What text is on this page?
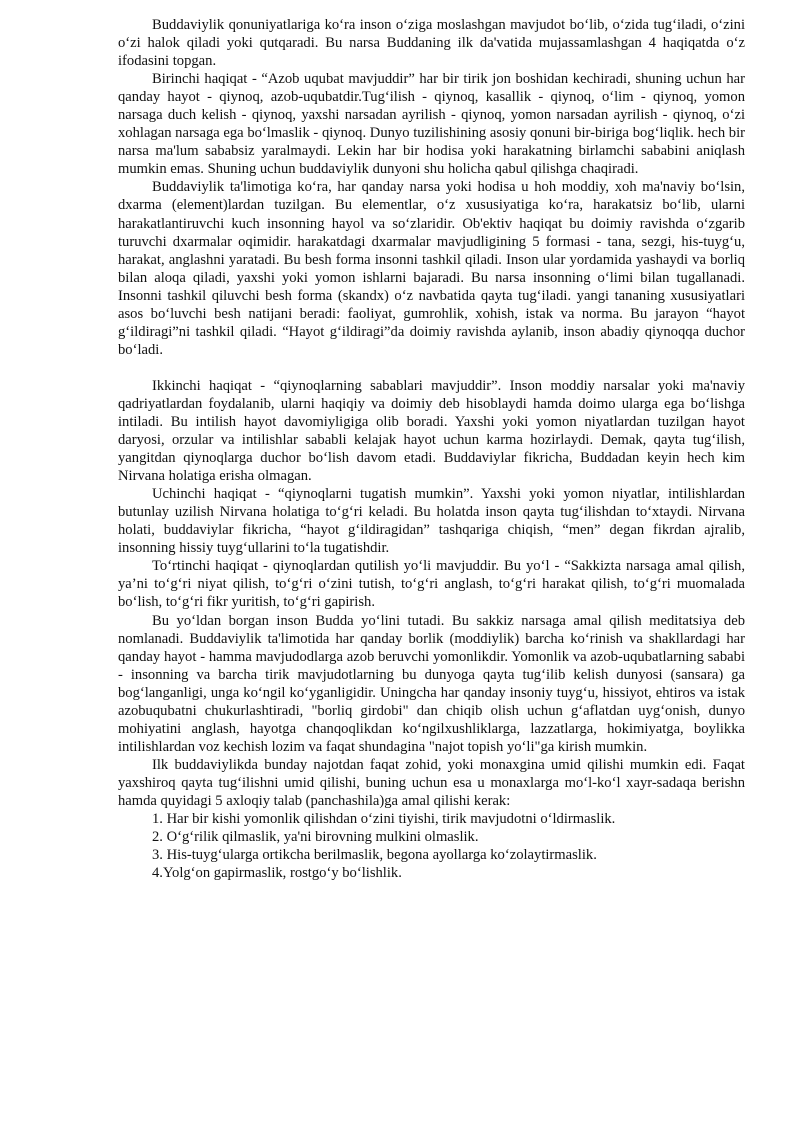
Buddaviylik qonuniyatlariga ko‘ra inson o‘ziga moslashgan mavjudot bo‘lib, o‘zida tug‘iladi, o‘zini o‘zi halok qiladi yoki qutqaradi. Bu narsa Buddaning ilk da'vatida mujassamlashgan 4 haqiqatda o‘z ifodasini topgan.

Birinchi haqiqat - “Azob uqubat mavjuddir” har bir tirik jon boshidan kechiradi, shuning uchun har qanday hayot - qiynoq, azob-uqubatdir.Tug‘ilish - qiynoq, kasallik - qiynoq, o‘lim - qiynoq, yomon narsaga duch kelish - qiynoq, yaxshi narsadan ayrilish - qiynoq, yomon narsadan ayrilish - qiynoq, o‘zi xohlagan narsaga ega bo‘lmaslik - qiynoq. Dunyo tuzilishining asosiy qonuni bir-biriga bog‘liqlik. hech bir narsa ma'lum sababsiz yaralmaydi. Lekin har bir hodisa yoki harakatning birlamchi sababini aniqlash mumkin emas. Shuning uchun buddaviylik dunyoni shu holicha qabul qilishga chaqiradi.

Buddaviylik ta'limotiga ko‘ra, har qanday narsa yoki hodisa u hoh moddiy, xoh ma'naviy bo‘lsin, dxarma (element)lardan tuzilgan. Bu elementlar, o‘z xususiyatiga ko‘ra, harakatsiz bo‘lib, ularni harakatlantiruvchi kuch insonning hayol va so‘zlaridir. Ob'ektiv haqiqat bu doimiy ravishda o‘zgarib turuvchi dxarmalar oqimidir. harakatdagi dxarmalar mavjudligining 5 formasi - tana, sezgi, his-tuyg‘u, harakat, anglashni yaratadi. Bu besh forma insonni tashkil qiladi. Inson ular yordamida yashaydi va borliq bilan aloqa qiladi, yaxshi yoki yomon ishlarni bajaradi. Bu narsa insonning o‘limi bilan tugallanadi. Insonni tashkil qiluvchi besh forma (skandx) o‘z navbatida qayta tug‘iladi. yangi tananing xususiyatlari asos bo‘luvchi besh natijani beradi: faoliyat, gumrohlik, xohish, istak va norma. Bu jarayon “hayot g‘ildiragi”ni tashkil qiladi. “Hayot g‘ildiragi”da doimiy ravishda aylanib, inson abadiy qiynoqqa duchor bo‘ladi.

Ikkinchi haqiqat - “qiynoqlarning sabablari mavjuddir”. Inson moddiy narsalar yoki ma'naviy qadriyatlardan foydalanib, ularni haqiqiy va doimiy deb hisoblaydi hamda doimo ularga ega bo‘lishga intiladi. Bu intilish hayot davomiyligiga olib boradi. Yaxshi yoki yomon niyatlardan tuzilgan hayot daryosi, orzular va intilishlar sababli kelajak hayot uchun karma hozirlaydi. Demak, qayta tug‘ilish, yangitdan qiynoqlarga duchor bo‘lish davom etadi. Buddaviylar fikricha, Buddadan keyin hech kim Nirvana holatiga erisha olmagan.

Uchinchi haqiqat - “qiynoqlarni tugatish mumkin”. Yaxshi yoki yomon niyatlar, intilishlardan butunlay uzilish Nirvana holatiga to‘g‘ri keladi. Bu holatda inson qayta tug‘ilishdan to‘xtaydi. Nirvana holati, buddaviylar fikricha, “hayot g‘ildiragidan” tashqariga chiqish, “men” degan fikrdan ajralib, insonning hissiy tuyg‘ullarini to‘la tugatishdir.

To‘rtinchi haqiqat - qiynoqlardan qutilish yo‘li mavjuddir. Bu yo‘l - “Sakkizta narsaga amal qilish, ya’ni to‘g‘ri niyat qilish, to‘g‘ri o‘zini tutish, to‘g‘ri anglash, to‘g‘ri harakat qilish, to‘g‘ri muomalada bo‘lish, to‘g‘ri fikr yuritish, to‘g‘ri gapirish.

Bu yo‘ldan borgan inson Budda yo‘lini tutadi. Bu sakkiz narsaga amal qilish meditatsiya deb nomlanadi. Buddaviylik ta'limotida har qanday borlik (moddiylik) barcha ko‘rinish va shakllardagi har qanday hayot - hamma mavjudodlarga azob beruvchi yomonlikdir. Yomonlik va azob-uqubatlarning sababi - insonning va barcha tirik mavjudotlarning bu dunyoga qayta tug‘ilib kelish dunyosi (sansara) ga bog‘langanligi, unga ko‘ngil ko‘yganligidir. Uningcha har qanday insoniy tuyg‘u, hissiyot, ehtiros va istak azobuqubatni chukurlashtiradi, "borliq girdobi" dan chiqib olish uchun g‘aflatdan uyg‘onish, dunyo mohiyatini anglash, hayotga chanqoqlikdan ko‘ngilxushliklarga, lazzatlarga, hokimiyatga, boylikka intilishlardan voz kechish lozim va faqat shundagina "najot topish yo‘li"ga kirish mumkin.

Ilk buddaviylikda bunday najotdan faqat zohid, yoki monaxgina umid qilishi mumkin edi. Faqat yaxshiroq qayta tug‘ilishni umid qilishi, buning uchun esa u monaxlarga mo‘l-ko‘l xayr-sadaqa berishn hamda quyidagi 5 axloqiy talab (panchashila)ga amal qilishi kerak:

1. Har bir kishi yomonlik qilishdan o‘zini tiyishi, tirik mavjudotni o‘ldirmaslik.

2. O‘g‘rilik qilmaslik, ya'ni birovning mulkini olmaslik.

3. His-tuyg‘ularga ortikcha berilmaslik, begona ayollarga ko‘zolaytirmaslik.

4.Yolg‘on gapirmaslik, rostgo‘y bo‘lishlik.
